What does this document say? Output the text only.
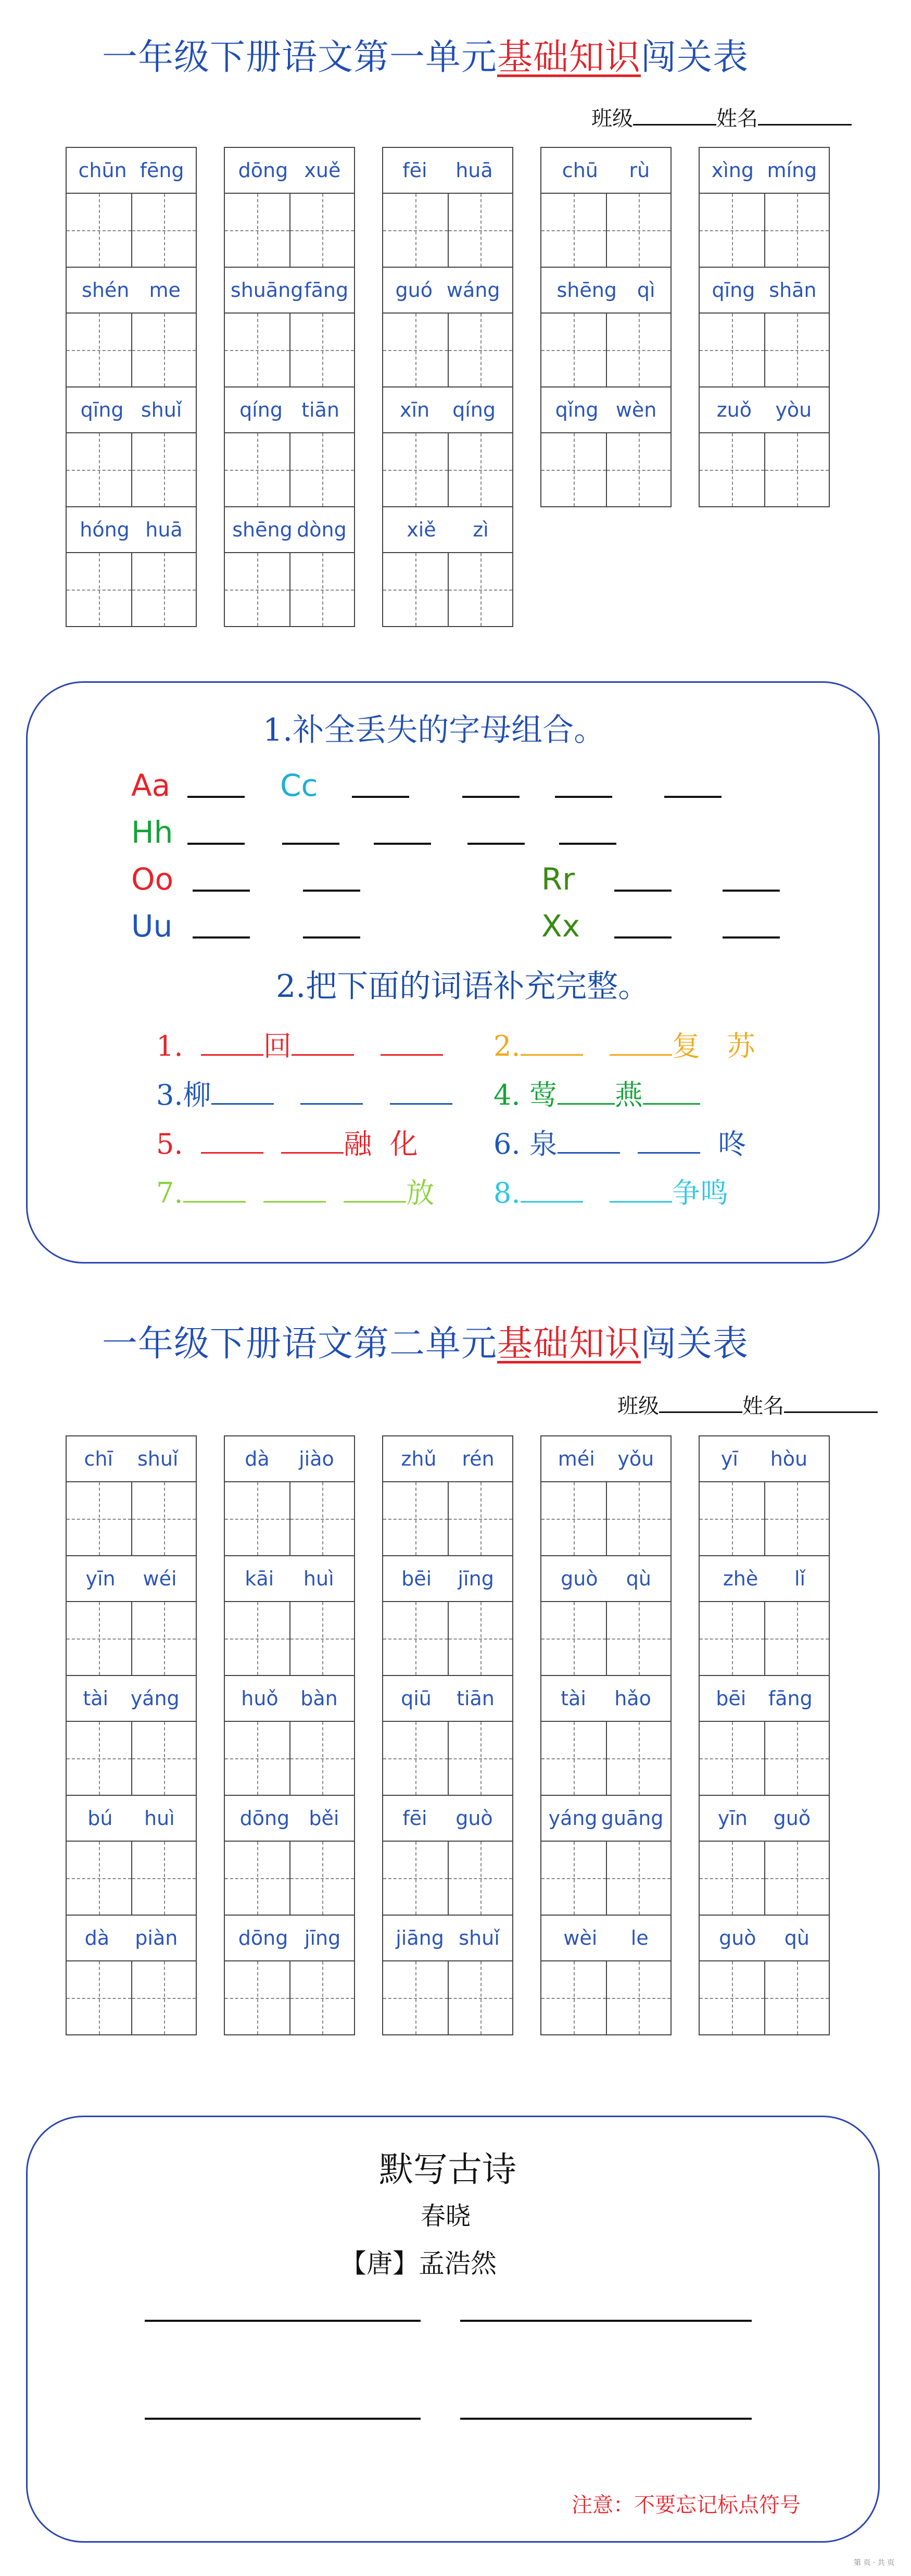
一年级下册语文第一单元基础知识闯关表
班级	姓名
chūn fēng
shén me
qīng shuǐ
hóng huā
dōng xuě
shuāng fāng
qíng tiān
shēng dòng
fēi huā
guó wáng
xīn qíng
xiě zì
chū rù
shēng qì
qǐng wèn
xìng míng
qīng shān
zuǒ yòu
1.补全丢失的字母组合。
Aa	Cc
Hh
Oo	Rr
Uu	Xx
2.把下面的词语补充完整。
1.	回	2.	复 苏
3.柳	4. 莺 燕
5.	融 化	6. 泉	咚
7.	放 8.	争鸣
一年级下册语文第二单元基础知识闯关表
班级	姓名
chī shuǐ
yīn wéi
tài yáng
bú huì
dà piàn
dà jiào
kāi huì
huǒ bàn
dōng běi
dōng jīng
zhǔ rén
bēi jīng
qiū tiān
fēi guò
jiāng shuǐ
méi yǒu
guò qù
tài hǎo
yáng guāng
wèi le
yī hòu
zhè lǐ
bēi fāng
yīn guǒ
guò qù
默写古诗
春晓
【唐】孟浩然
注意：不要忘记标点符号
第 页 · 共 页
